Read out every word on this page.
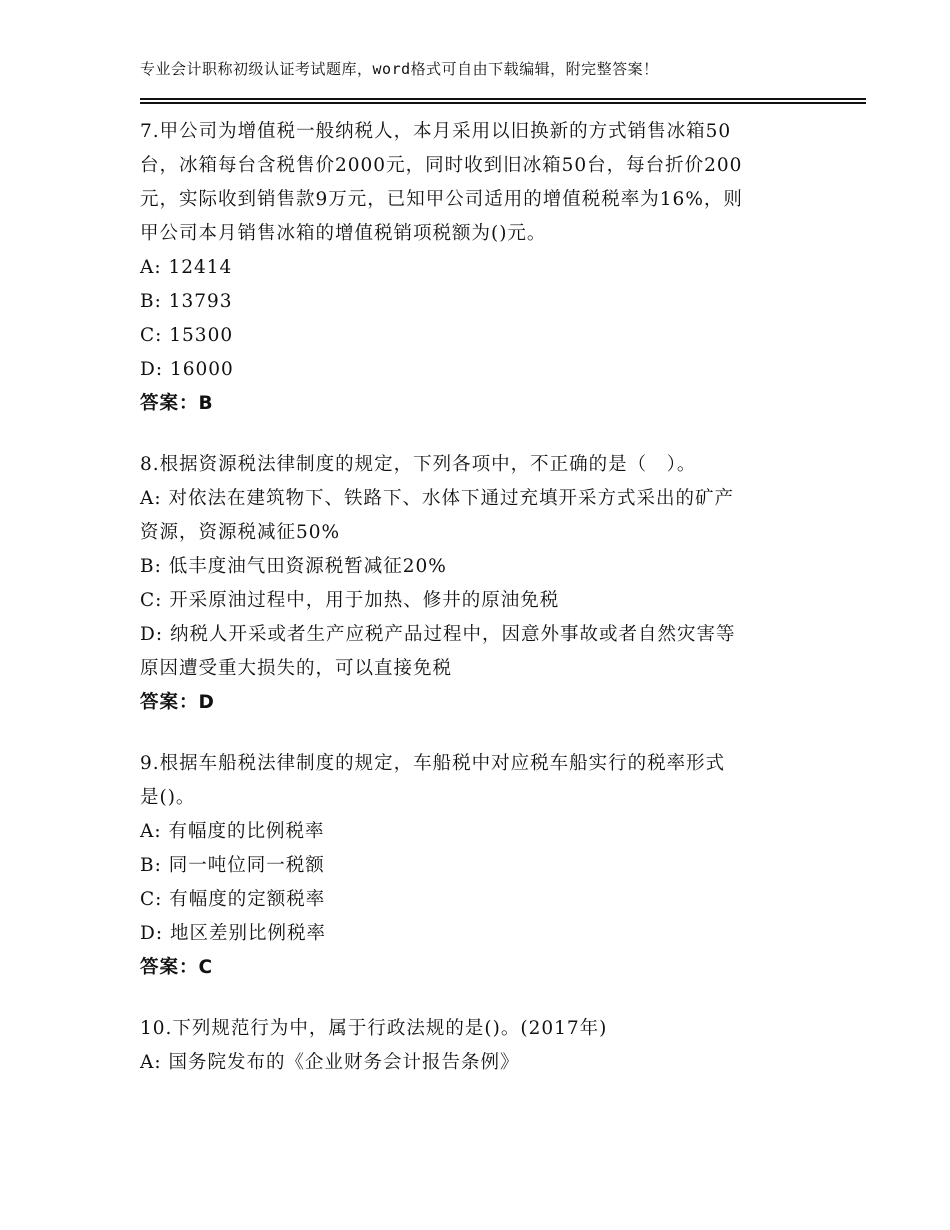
专业会计职称初级认证考试题库，word格式可自由下载编辑，附完整答案！
7.甲公司为增值税一般纳税人，本月采用以旧换新的方式销售冰箱50
台，冰箱每台含税售价2000元，同时收到旧冰箱50台，每台折价200
元，实际收到销售款9万元，已知甲公司适用的增值税税率为16%，则
甲公司本月销售冰箱的增值税销项税额为()元。
A: 12414
B: 13793
C: 15300
D: 16000
答案：B
8.根据资源税法律制度的规定，下列各项中，不正确的是（　）。
A: 对依法在建筑物下、铁路下、水体下通过充填开采方式采出的矿产
资源，资源税减征50%
B: 低丰度油气田资源税暂减征20%
C: 开采原油过程中，用于加热、修井的原油免税
D: 纳税人开采或者生产应税产品过程中，因意外事故或者自然灾害等
原因遭受重大损失的，可以直接免税
答案：D
9.根据车船税法律制度的规定，车船税中对应税车船实行的税率形式
是()。
A: 有幅度的比例税率
B: 同一吨位同一税额
C: 有幅度的定额税率
D: 地区差别比例税率
答案：C
10.下列规范行为中，属于行政法规的是()。(2017年)
A: 国务院发布的《企业财务会计报告条例》
